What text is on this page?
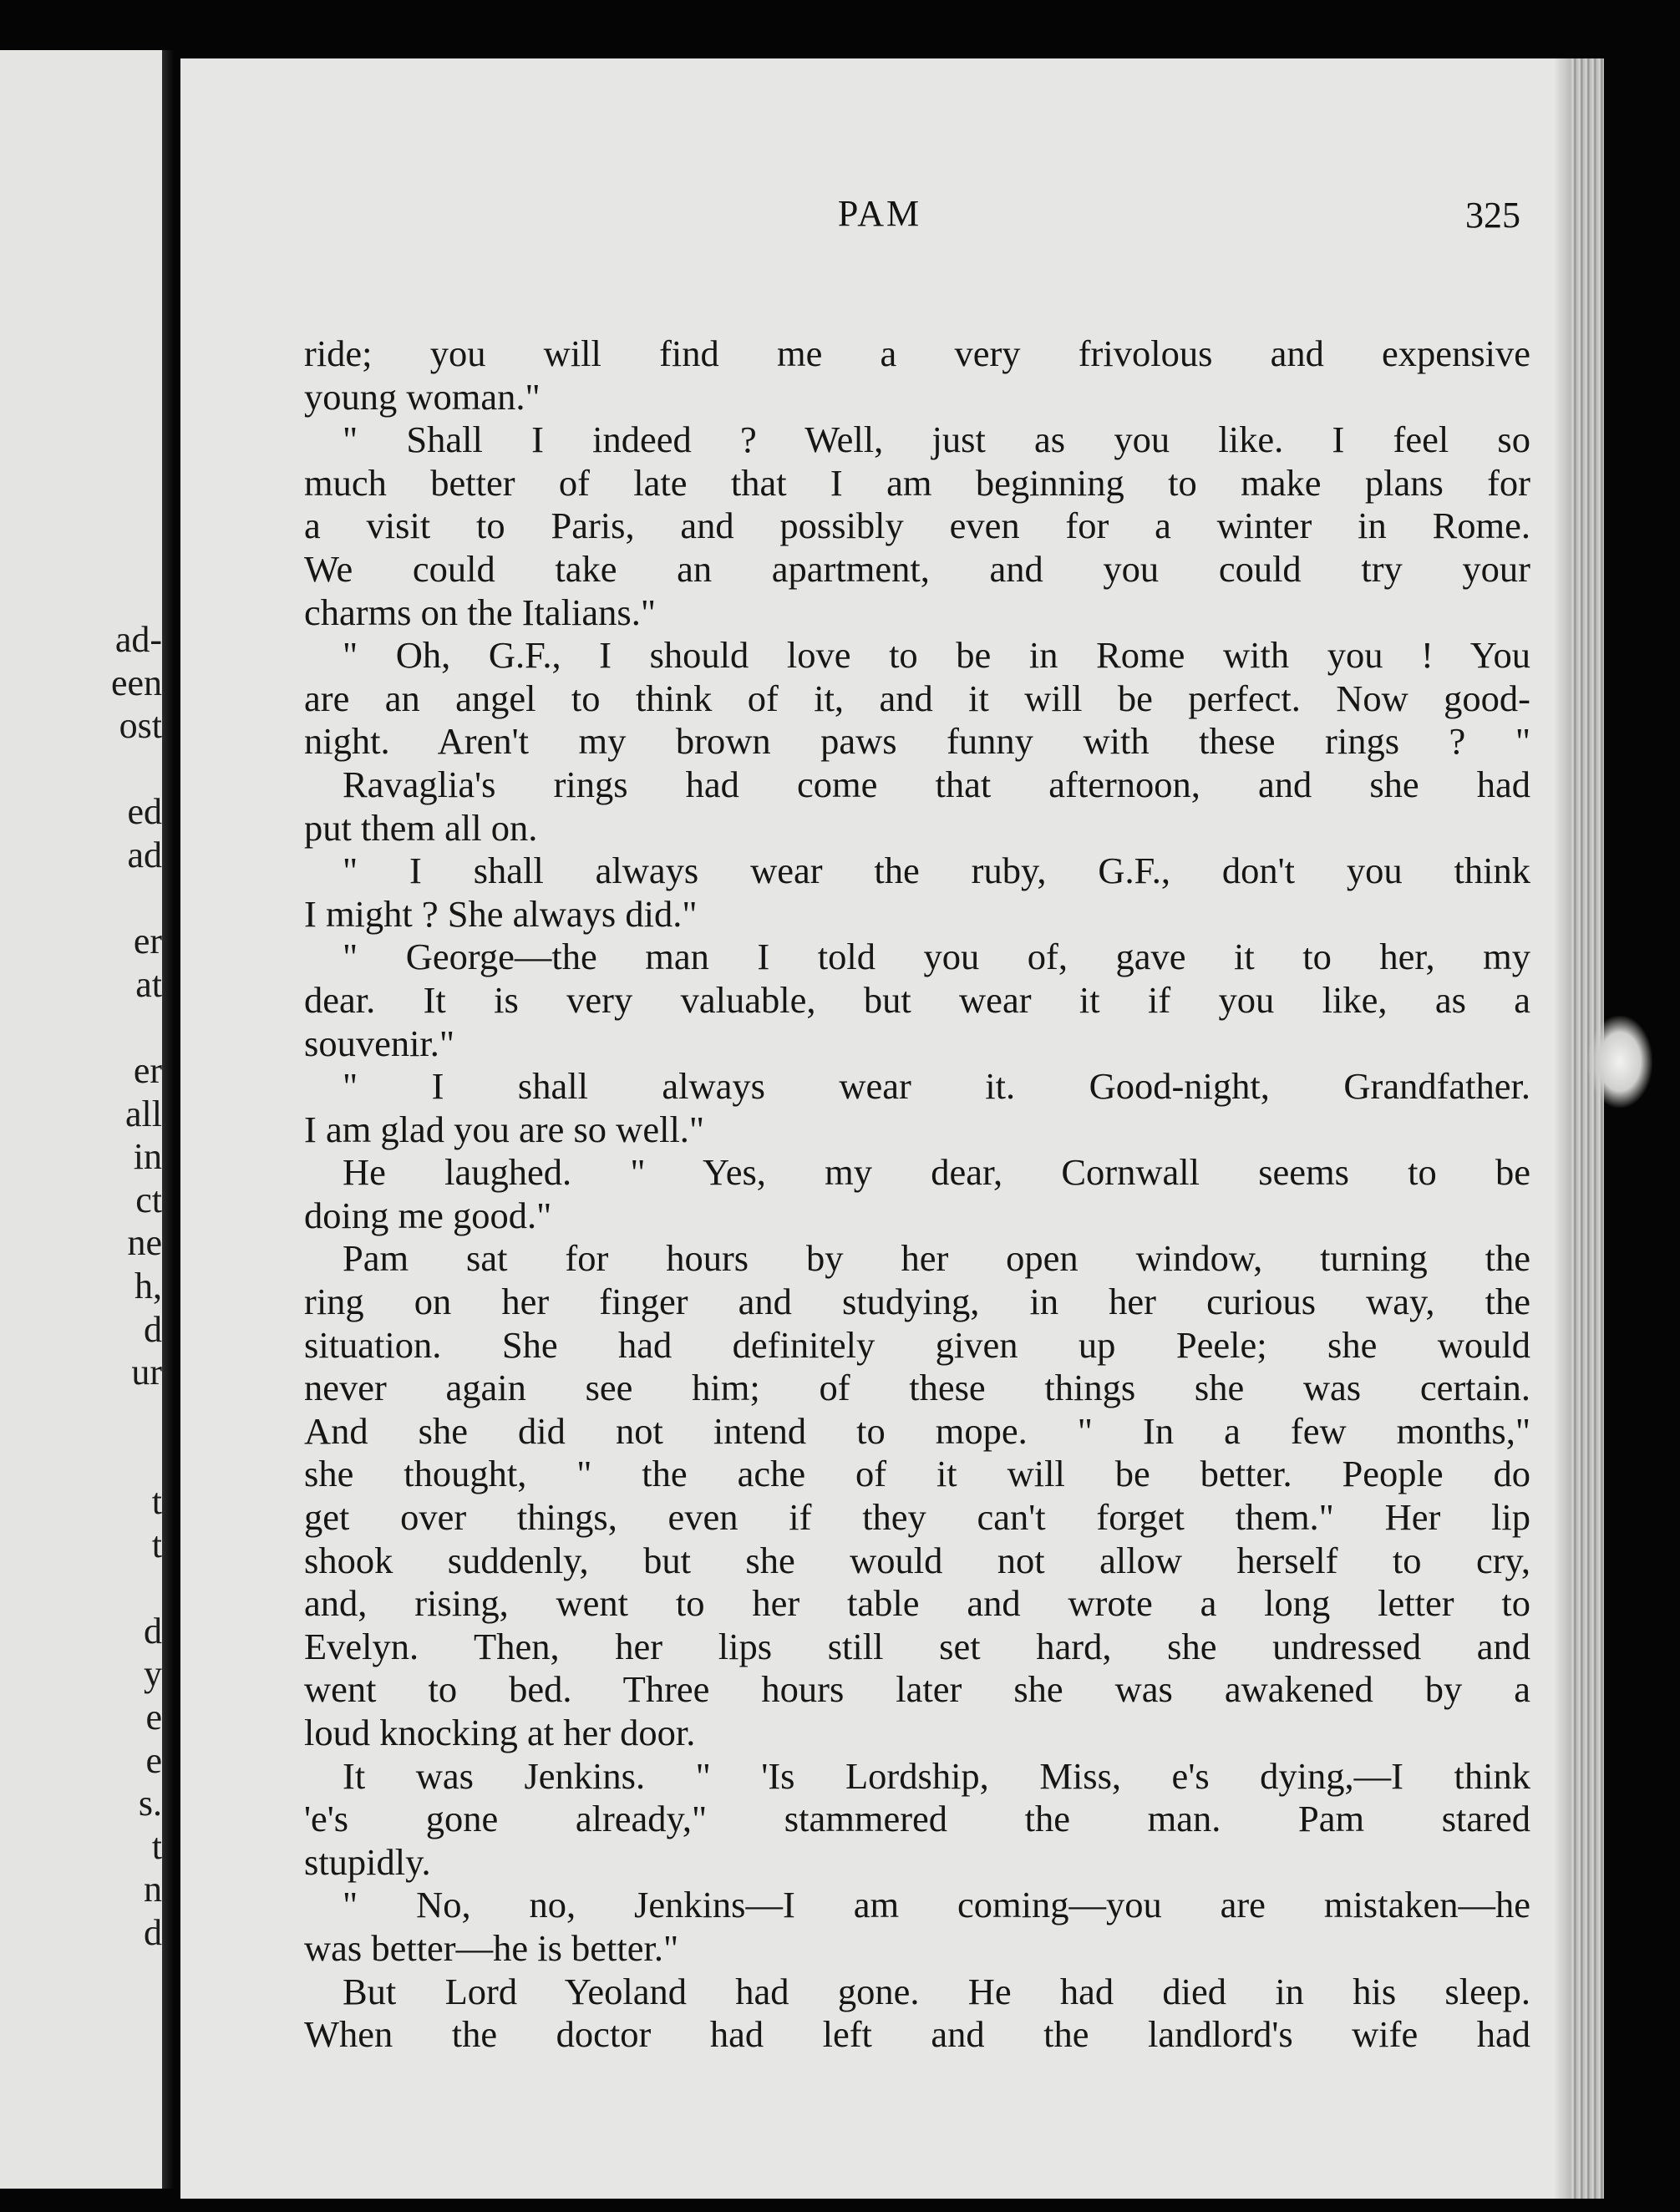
ad-
een
ost
ed
ad
er
at
er
all
in
ct
ne
h,
d
ur
t
t
d
y
e
e
s.
t
n
d
PAM	325
ride; you will find me a very frivolous and expensive
young woman."
" Shall I indeed ? Well, just as you like. I feel so
much better of late that I am beginning to make plans for
a visit to Paris, and possibly even for a winter in Rome.
We could take an apartment, and you could try your
charms on the Italians."
" Oh, G.F., I should love to be in Rome with you ! You
are an angel to think of it, and it will be perfect. Now good-
night. Aren't my brown paws funny with these rings ? "
Ravaglia's rings had come that afternoon, and she had
put them all on.
" I shall always wear the ruby, G.F., don't you think
I might ? She always did."
" George—the man I told you of, gave it to her, my
dear. It is very valuable, but wear it if you like, as a
souvenir."
" I shall always wear it. Good-night, Grandfather.
I am glad you are so well."
He laughed. " Yes, my dear, Cornwall seems to be
doing me good."
Pam sat for hours by her open window, turning the
ring on her finger and studying, in her curious way, the
situation. She had definitely given up Peele; she would
never again see him; of these things she was certain.
And she did not intend to mope. " In a few months,"
she thought, " the ache of it will be better. People do
get over things, even if they can't forget them." Her lip
shook suddenly, but she would not allow herself to cry,
and, rising, went to her table and wrote a long letter to
Evelyn. Then, her lips still set hard, she undressed and
went to bed. Three hours later she was awakened by a
loud knocking at her door.
It was Jenkins. " 'Is Lordship, Miss, e's dying,—I think
'e's gone already," stammered the man. Pam stared
stupidly.
" No, no, Jenkins—I am coming—you are mistaken—he
was better—he is better."
But Lord Yeoland had gone. He had died in his sleep.
When the doctor had left and the landlord's wife had
